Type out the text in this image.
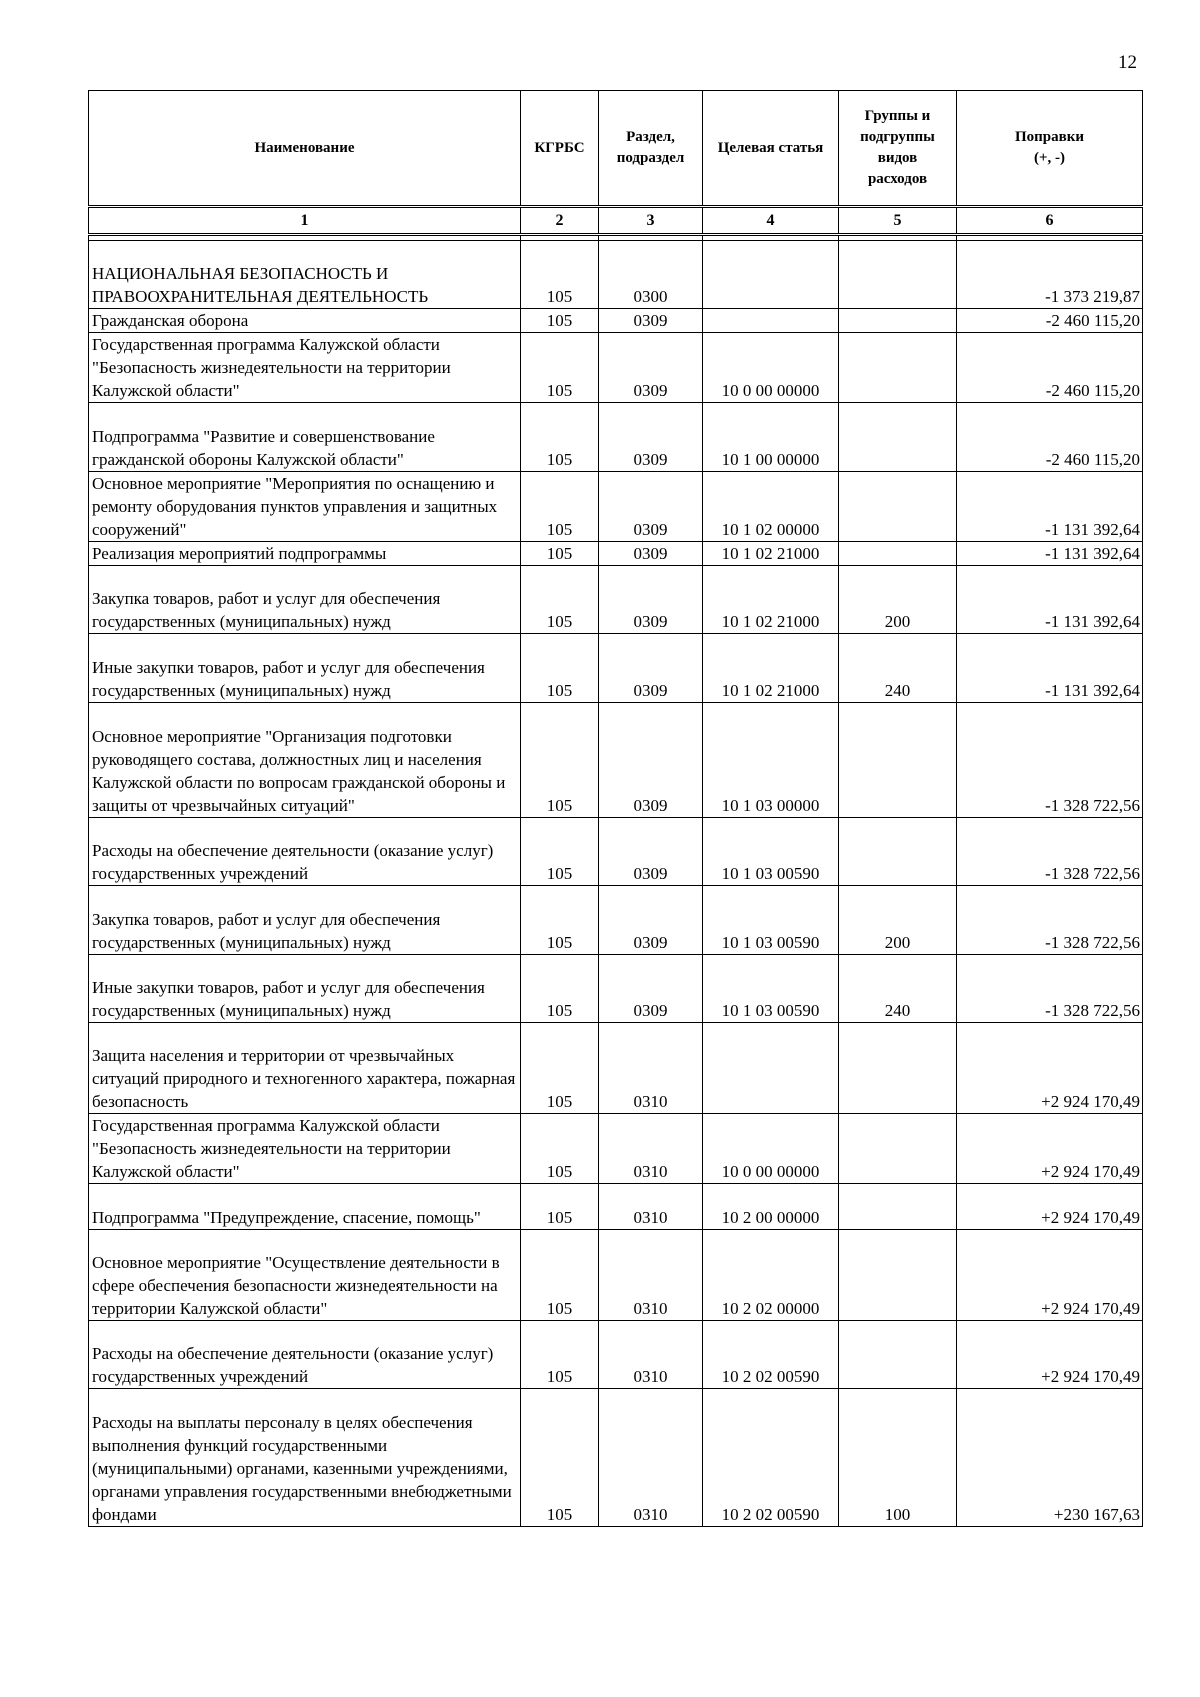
12
Наименование	КГРБС	Раздел, подраздел	Целевая статья	Группы и подгруппы видов расходов	Поправки (+, -)
1	2	3	4	5	6

НАЦИОНАЛЬНАЯ БЕЗОПАСНОСТЬ И ПРАВООХРАНИТЕЛЬНАЯ ДЕЯТЕЛЬНОСТЬ	105	0300			-1 373 219,87
Гражданская оборона	105	0309			-2 460 115,20
Государственная программа Калужской области "Безопасность жизнедеятельности на территории Калужской области"	105	0309	10 0 00 00000		-2 460 115,20
Подпрограмма "Развитие и совершенствование гражданской обороны Калужской области"	105	0309	10 1 00 00000		-2 460 115,20
Основное мероприятие "Мероприятия по оснащению и ремонту оборудования пунктов управления и защитных сооружений"	105	0309	10 1 02 00000		-1 131 392,64
Реализация мероприятий подпрограммы	105	0309	10 1 02 21000		-1 131 392,64
Закупка товаров, работ и услуг для обеспечения государственных (муниципальных) нужд	105	0309	10 1 02 21000	200	-1 131 392,64
Иные закупки товаров, работ и услуг для обеспечения государственных (муниципальных) нужд	105	0309	10 1 02 21000	240	-1 131 392,64
Основное мероприятие "Организация подготовки руководящего состава, должностных лиц и населения Калужской области по вопросам гражданской обороны и защиты от чрезвычайных ситуаций"	105	0309	10 1 03 00000		-1 328 722,56
Расходы на обеспечение деятельности (оказание услуг) государственных учреждений	105	0309	10 1 03 00590		-1 328 722,56
Закупка товаров, работ и услуг для обеспечения государственных (муниципальных) нужд	105	0309	10 1 03 00590	200	-1 328 722,56
Иные закупки товаров, работ и услуг для обеспечения государственных (муниципальных) нужд	105	0309	10 1 03 00590	240	-1 328 722,56
Защита населения и территории от чрезвычайных ситуаций природного и техногенного характера, пожарная безопасность	105	0310			+2 924 170,49
Государственная программа Калужской области "Безопасность жизнедеятельности на территории Калужской области"	105	0310	10 0 00 00000		+2 924 170,49
Подпрограмма "Предупреждение, спасение, помощь"	105	0310	10 2 00 00000		+2 924 170,49
Основное мероприятие "Осуществление деятельности в сфере обеспечения безопасности жизнедеятельности на территории Калужской области"	105	0310	10 2 02 00000		+2 924 170,49
Расходы на обеспечение деятельности (оказание услуг) государственных учреждений	105	0310	10 2 02 00590		+2 924 170,49
Расходы на выплаты персоналу в целях обеспечения выполнения функций государственными (муниципальными) органами, казенными учреждениями, органами управления государственными внебюджетными фондами	105	0310	10 2 02 00590	100	+230 167,63
